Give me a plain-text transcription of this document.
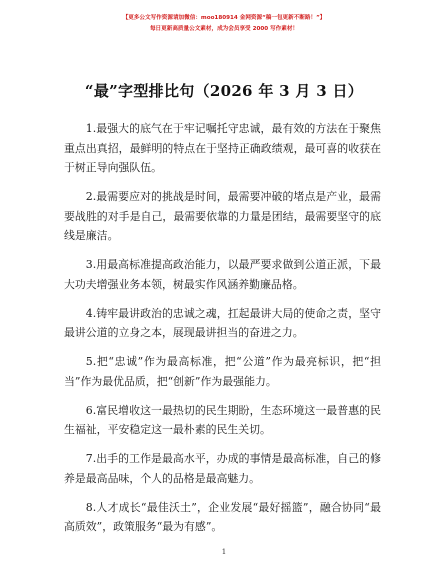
【更多公文写作资源请加微信：moo180914 金网资源“稿一包更新不断路！”】
每日更新高质量公文素材，成为会员享受 2000 写作素材！
“最”字型排比句（2026 年 3 月 3 日）

1.最强大的底气在于牢记嘱托守忠诚，最有效的方法在于聚焦重点出真招，最鲜明的特点在于坚持正确政绩观，最可喜的收获在于树正导向强队伍。

2.最需要应对的挑战是时间，最需要冲破的堵点是产业，最需要战胜的对手是自己，最需要依靠的力量是团结，最需要坚守的底线是廉洁。

3.用最高标准提高政治能力，以最严要求做到公道正派，下最大功夫增强业务本领，树最实作风涵养勤廉品格。

4.铸牢最讲政治的忠诚之魂，扛起最讲大局的使命之责，坚守最讲公道的立身之本，展现最讲担当的奋进之力。

5.把“忠诚”作为最高标准，把“公道”作为最亮标识，把“担当”作为最优品质，把“创新”作为最强能力。

6.富民增收这一最热切的民生期盼，生态环境这一最普惠的民生福祉，平安稳定这一最朴素的民生关切。

7.出手的工作是最高水平，办成的事情是最高标准，自己的修养是最高品味，个人的品格是最高魅力。

8.人才成长“最佳沃土”，企业发展“最好摇篮”，融合协同“最高质效”，政策服务“最为有感”。

1
